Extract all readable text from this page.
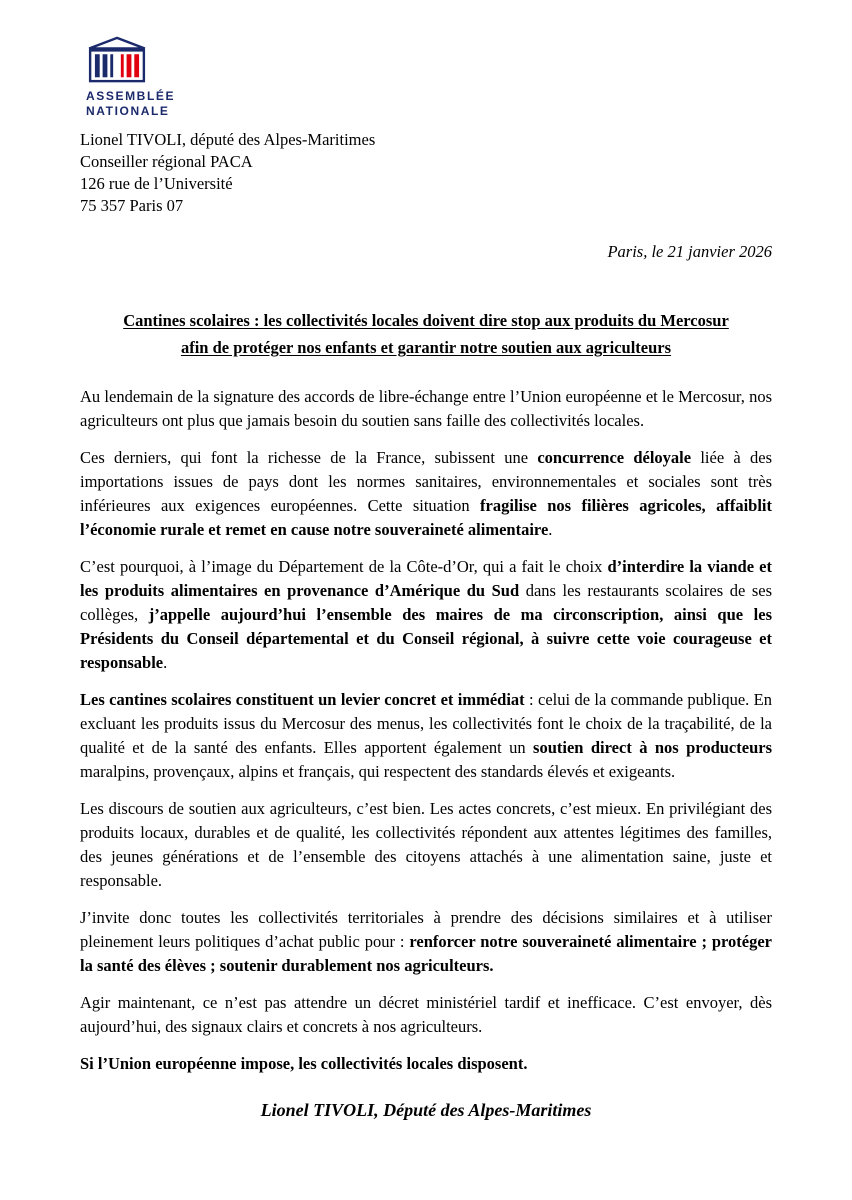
ASSEMBLÉE
NATIONALE
Lionel TIVOLI, député des Alpes-Maritimes
Conseiller régional PACA
126 rue de l’Université
75 357 Paris 07
Paris, le 21 janvier 2026
Cantines scolaires : les collectivités locales doivent dire stop aux produits du Mercosur
afin de protéger nos enfants et garantir notre soutien aux agriculteurs

Au lendemain de la signature des accords de libre-échange entre l’Union européenne et le Mercosur, nos agriculteurs ont plus que jamais besoin du soutien sans faille des collectivités locales.

Ces derniers, qui font la richesse de la France, subissent une concurrence déloyale liée à des importations issues de pays dont les normes sanitaires, environnementales et sociales sont très inférieures aux exigences européennes. Cette situation fragilise nos filières agricoles, affaiblit l’économie rurale et remet en cause notre souveraineté alimentaire.

C’est pourquoi, à l’image du Département de la Côte-d’Or, qui a fait le choix d’interdire la viande et les produits alimentaires en provenance d’Amérique du Sud dans les restaurants scolaires de ses collèges, j’appelle aujourd’hui l’ensemble des maires de ma circonscription, ainsi que les Présidents du Conseil départemental et du Conseil régional, à suivre cette voie courageuse et responsable.

Les cantines scolaires constituent un levier concret et immédiat : celui de la commande publique. En excluant les produits issus du Mercosur des menus, les collectivités font le choix de la traçabilité, de la qualité et de la santé des enfants. Elles apportent également un soutien direct à nos producteurs maralpins, provençaux, alpins et français, qui respectent des standards élevés et exigeants.

Les discours de soutien aux agriculteurs, c’est bien. Les actes concrets, c’est mieux. En privilégiant des produits locaux, durables et de qualité, les collectivités répondent aux attentes légitimes des familles, des jeunes générations et de l’ensemble des citoyens attachés à une alimentation saine, juste et responsable.

J’invite donc toutes les collectivités territoriales à prendre des décisions similaires et à utiliser pleinement leurs politiques d’achat public pour : renforcer notre souveraineté alimentaire ; protéger la santé des élèves ; soutenir durablement nos agriculteurs.

Agir maintenant, ce n’est pas attendre un décret ministériel tardif et inefficace. C’est envoyer, dès aujourd’hui, des signaux clairs et concrets à nos agriculteurs.

Si l’Union européenne impose, les collectivités locales disposent.

Lionel TIVOLI, Député des Alpes-Maritimes
